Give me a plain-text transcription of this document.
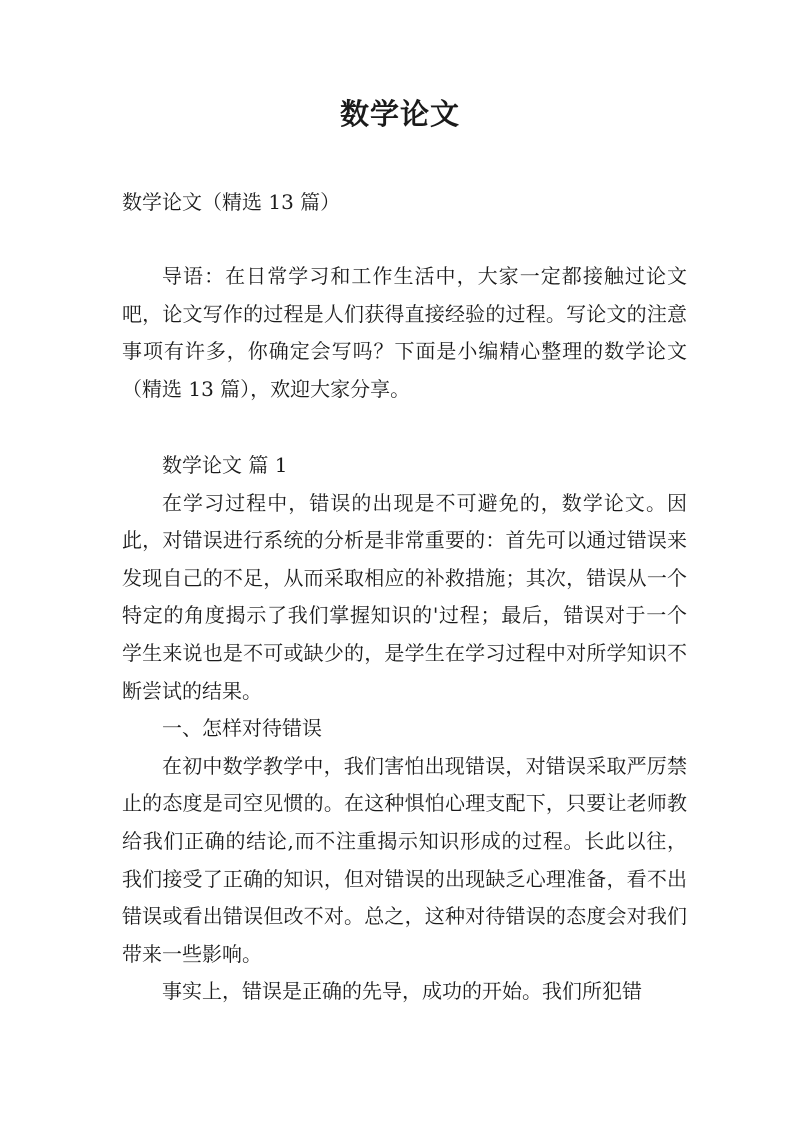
数学论文
数学论文（精选 13 篇）

导语：在日常学习和工作生活中，大家一定都接触过论文吧，论文写作的过程是人们获得直接经验的过程。写论文的注意事项有许多，你确定会写吗？下面是小编精心整理的数学论文（精选 13 篇），欢迎大家分享。

数学论文 篇 1

在学习过程中，错误的出现是不可避免的，数学论文。因此，对错误进行系统的分析是非常重要的：首先可以通过错误来发现自己的不足，从而采取相应的补救措施；其次，错误从一个特定的角度揭示了我们掌握知识的'过程；最后，错误对于一个学生来说也是不可或缺少的，是学生在学习过程中对所学知识不断尝试的结果。

一、怎样对待错误

在初中数学教学中，我们害怕出现错误，对错误采取严厉禁止的态度是司空见惯的。在这种惧怕心理支配下，只要让老师教给我们正确的结论,而不注重揭示知识形成的过程。长此以往，我们接受了正确的知识，但对错误的出现缺乏心理准备，看不出错误或看出错误但改不对。总之，这种对待错误的态度会对我们带来一些影响。

事实上，错误是正确的先导，成功的开始。我们所犯错
